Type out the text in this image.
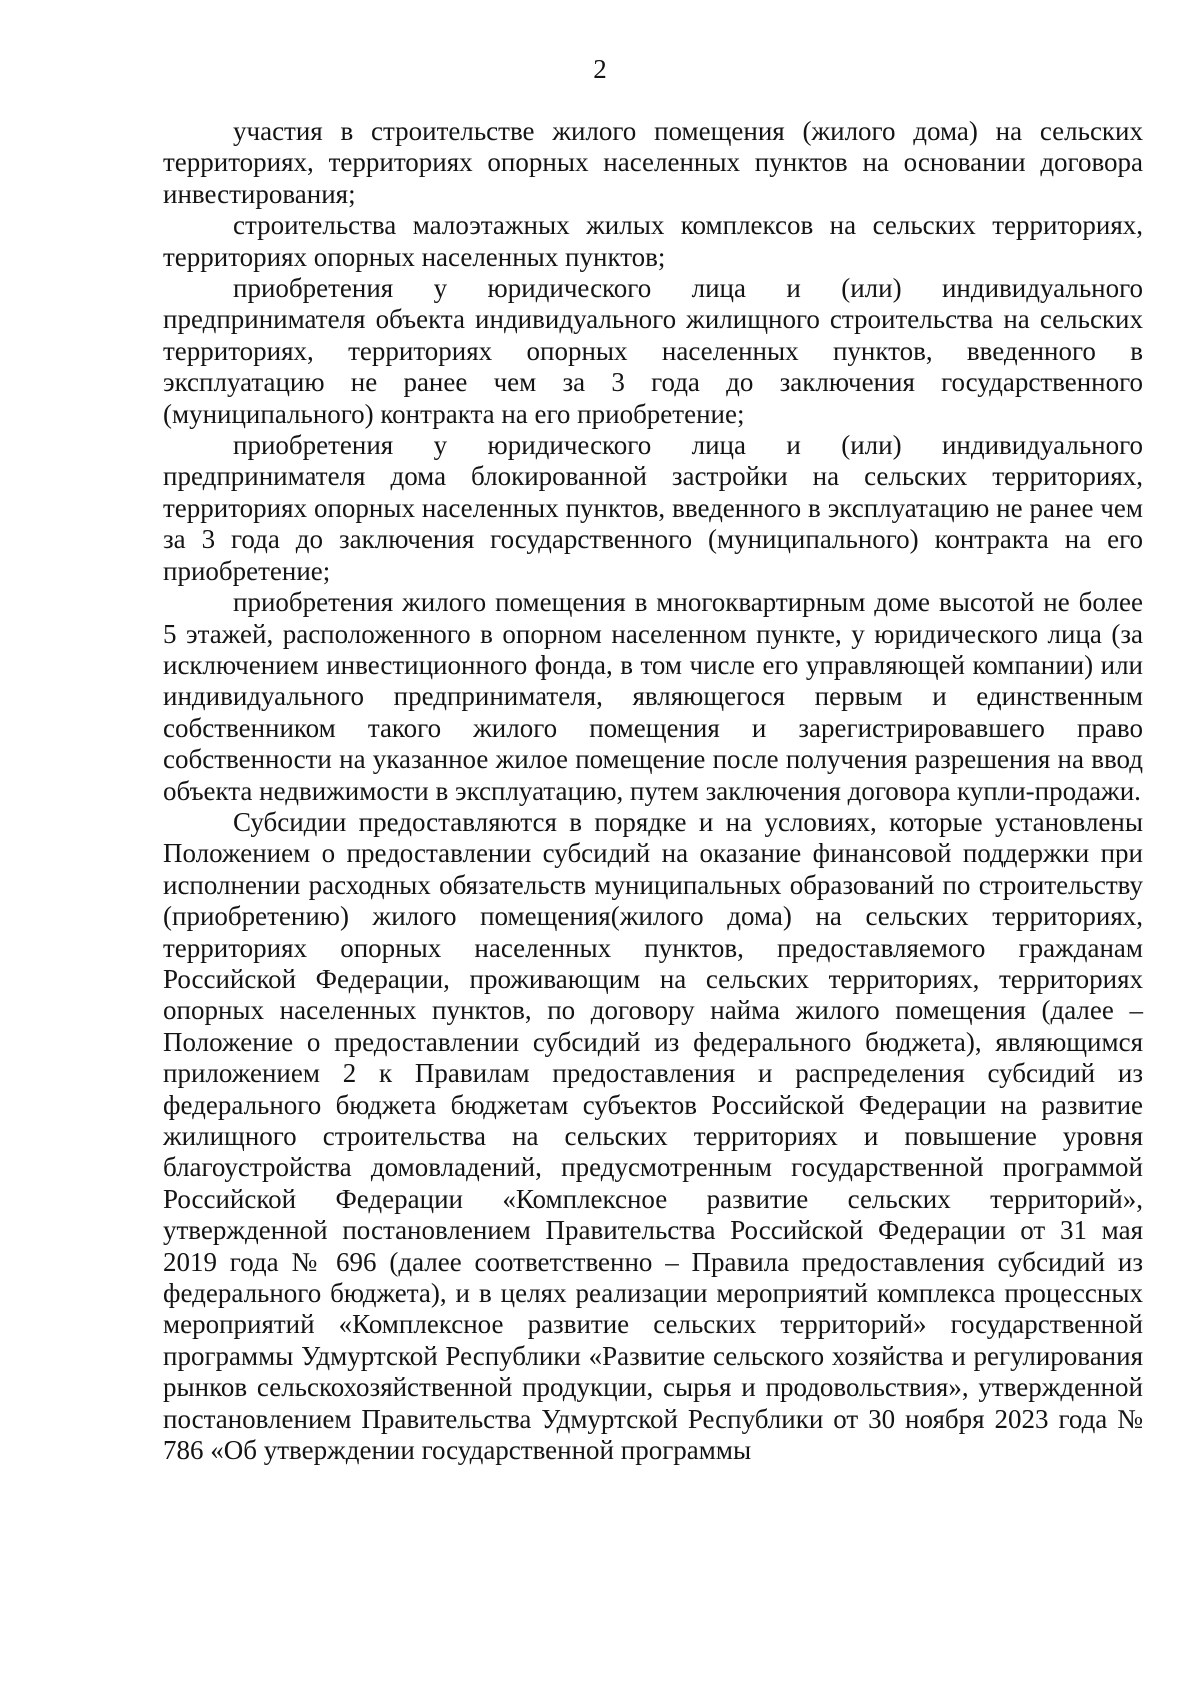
2

участия в строительстве жилого помещения (жилого дома) на сельских территориях, территориях опорных населенных пунктов на основании договора инвестирования;

строительства малоэтажных жилых комплексов на сельских территориях, территориях опорных населенных пунктов;

приобретения у юридического лица и (или) индивидуального предпринимателя объекта индивидуального жилищного строительства на сельских территориях, территориях опорных населенных пунктов, введенного в эксплуатацию не ранее чем за 3 года до заключения государственного (муниципального) контракта на его приобретение;

приобретения у юридического лица и (или) индивидуального предпринимателя дома блокированной застройки на сельских территориях, территориях опорных населенных пунктов, введенного в эксплуатацию не ранее чем за 3 года до заключения государственного (муниципального) контракта на его приобретение;

приобретения жилого помещения в многоквартирным доме высотой не более 5 этажей, расположенного в опорном населенном пункте, у юридического лица (за исключением инвестиционного фонда, в том числе его управляющей компании) или индивидуального предпринимателя, являющегося первым и единственным собственником такого жилого помещения и зарегистрировавшего право собственности на указанное жилое помещение после получения разрешения на ввод объекта недвижимости в эксплуатацию, путем заключения договора купли-продажи.

Субсидии предоставляются в порядке и на условиях, которые установлены Положением о предоставлении субсидий на оказание финансовой поддержки при исполнении расходных обязательств муниципальных образований по строительству (приобретению) жилого помещения(жилого дома) на сельских территориях, территориях опорных населенных пунктов, предоставляемого гражданам Российской Федерации, проживающим на сельских территориях, территориях опорных населенных пунктов, по договору найма жилого помещения (далее – Положение о предоставлении субсидий из федерального бюджета), являющимся приложением 2 к Правилам предоставления и распределения субсидий из федерального бюджета бюджетам субъектов Российской Федерации на развитие жилищного строительства на сельских территориях и повышение уровня благоустройства домовладений, предусмотренным государственной программой Российской Федерации «Комплексное развитие сельских территорий», утвержденной постановлением Правительства Российской Федерации от 31 мая 2019 года № 696 (далее соответственно – Правила предоставления субсидий из федерального бюджета), и в целях реализации мероприятий комплекса процессных мероприятий «Комплексное развитие сельских территорий» государственной программы Удмуртской Республики «Развитие сельского хозяйства и регулирования рынков сельскохозяйственной продукции, сырья и продовольствия», утвержденной постановлением Правительства Удмуртской Республики от 30 ноября 2023 года № 786 «Об утверждении государственной программы
